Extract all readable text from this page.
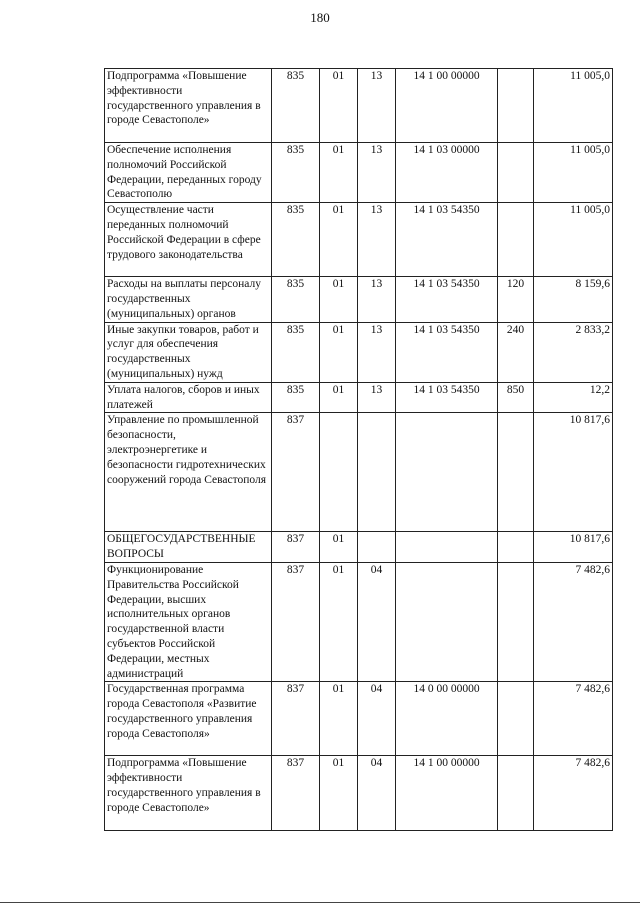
180
Подпрограмма «Повышение эффективности государственного управления в городе Севастополе»	835	01	13	14 1 00 00000		11 005,0
Обеспечение исполнения полномочий Российской Федерации, переданных городу Севастополю	835	01	13	14 1 03 00000		11 005,0
Осуществление части переданных полномочий Российской Федерации в сфере трудового законодательства	835	01	13	14 1 03 54350		11 005,0
Расходы на выплаты персоналу государственных (муниципальных) органов	835	01	13	14 1 03 54350	120	8 159,6
Иные закупки товаров, работ и услуг для обеспечения государственных (муниципальных) нужд	835	01	13	14 1 03 54350	240	2 833,2
Уплата налогов, сборов и иных платежей	835	01	13	14 1 03 54350	850	12,2
Управление по промышленной безопасности, электроэнергетике и безопасности гидротехнических сооружений города Севастополя	837					10 817,6
ОБЩЕГОСУДАРСТВЕННЫЕ ВОПРОСЫ	837	01				10 817,6
Функционирование Правительства Российской Федерации, высших исполнительных органов государственной власти субъектов Российской Федерации, местных администраций	837	01	04			7 482,6
Государственная программа города Севастополя «Развитие государственного управления города Севастополя»	837	01	04	14 0 00 00000		7 482,6
Подпрограмма «Повышение эффективности государственного управления в городе Севастополе»	837	01	04	14 1 00 00000		7 482,6
